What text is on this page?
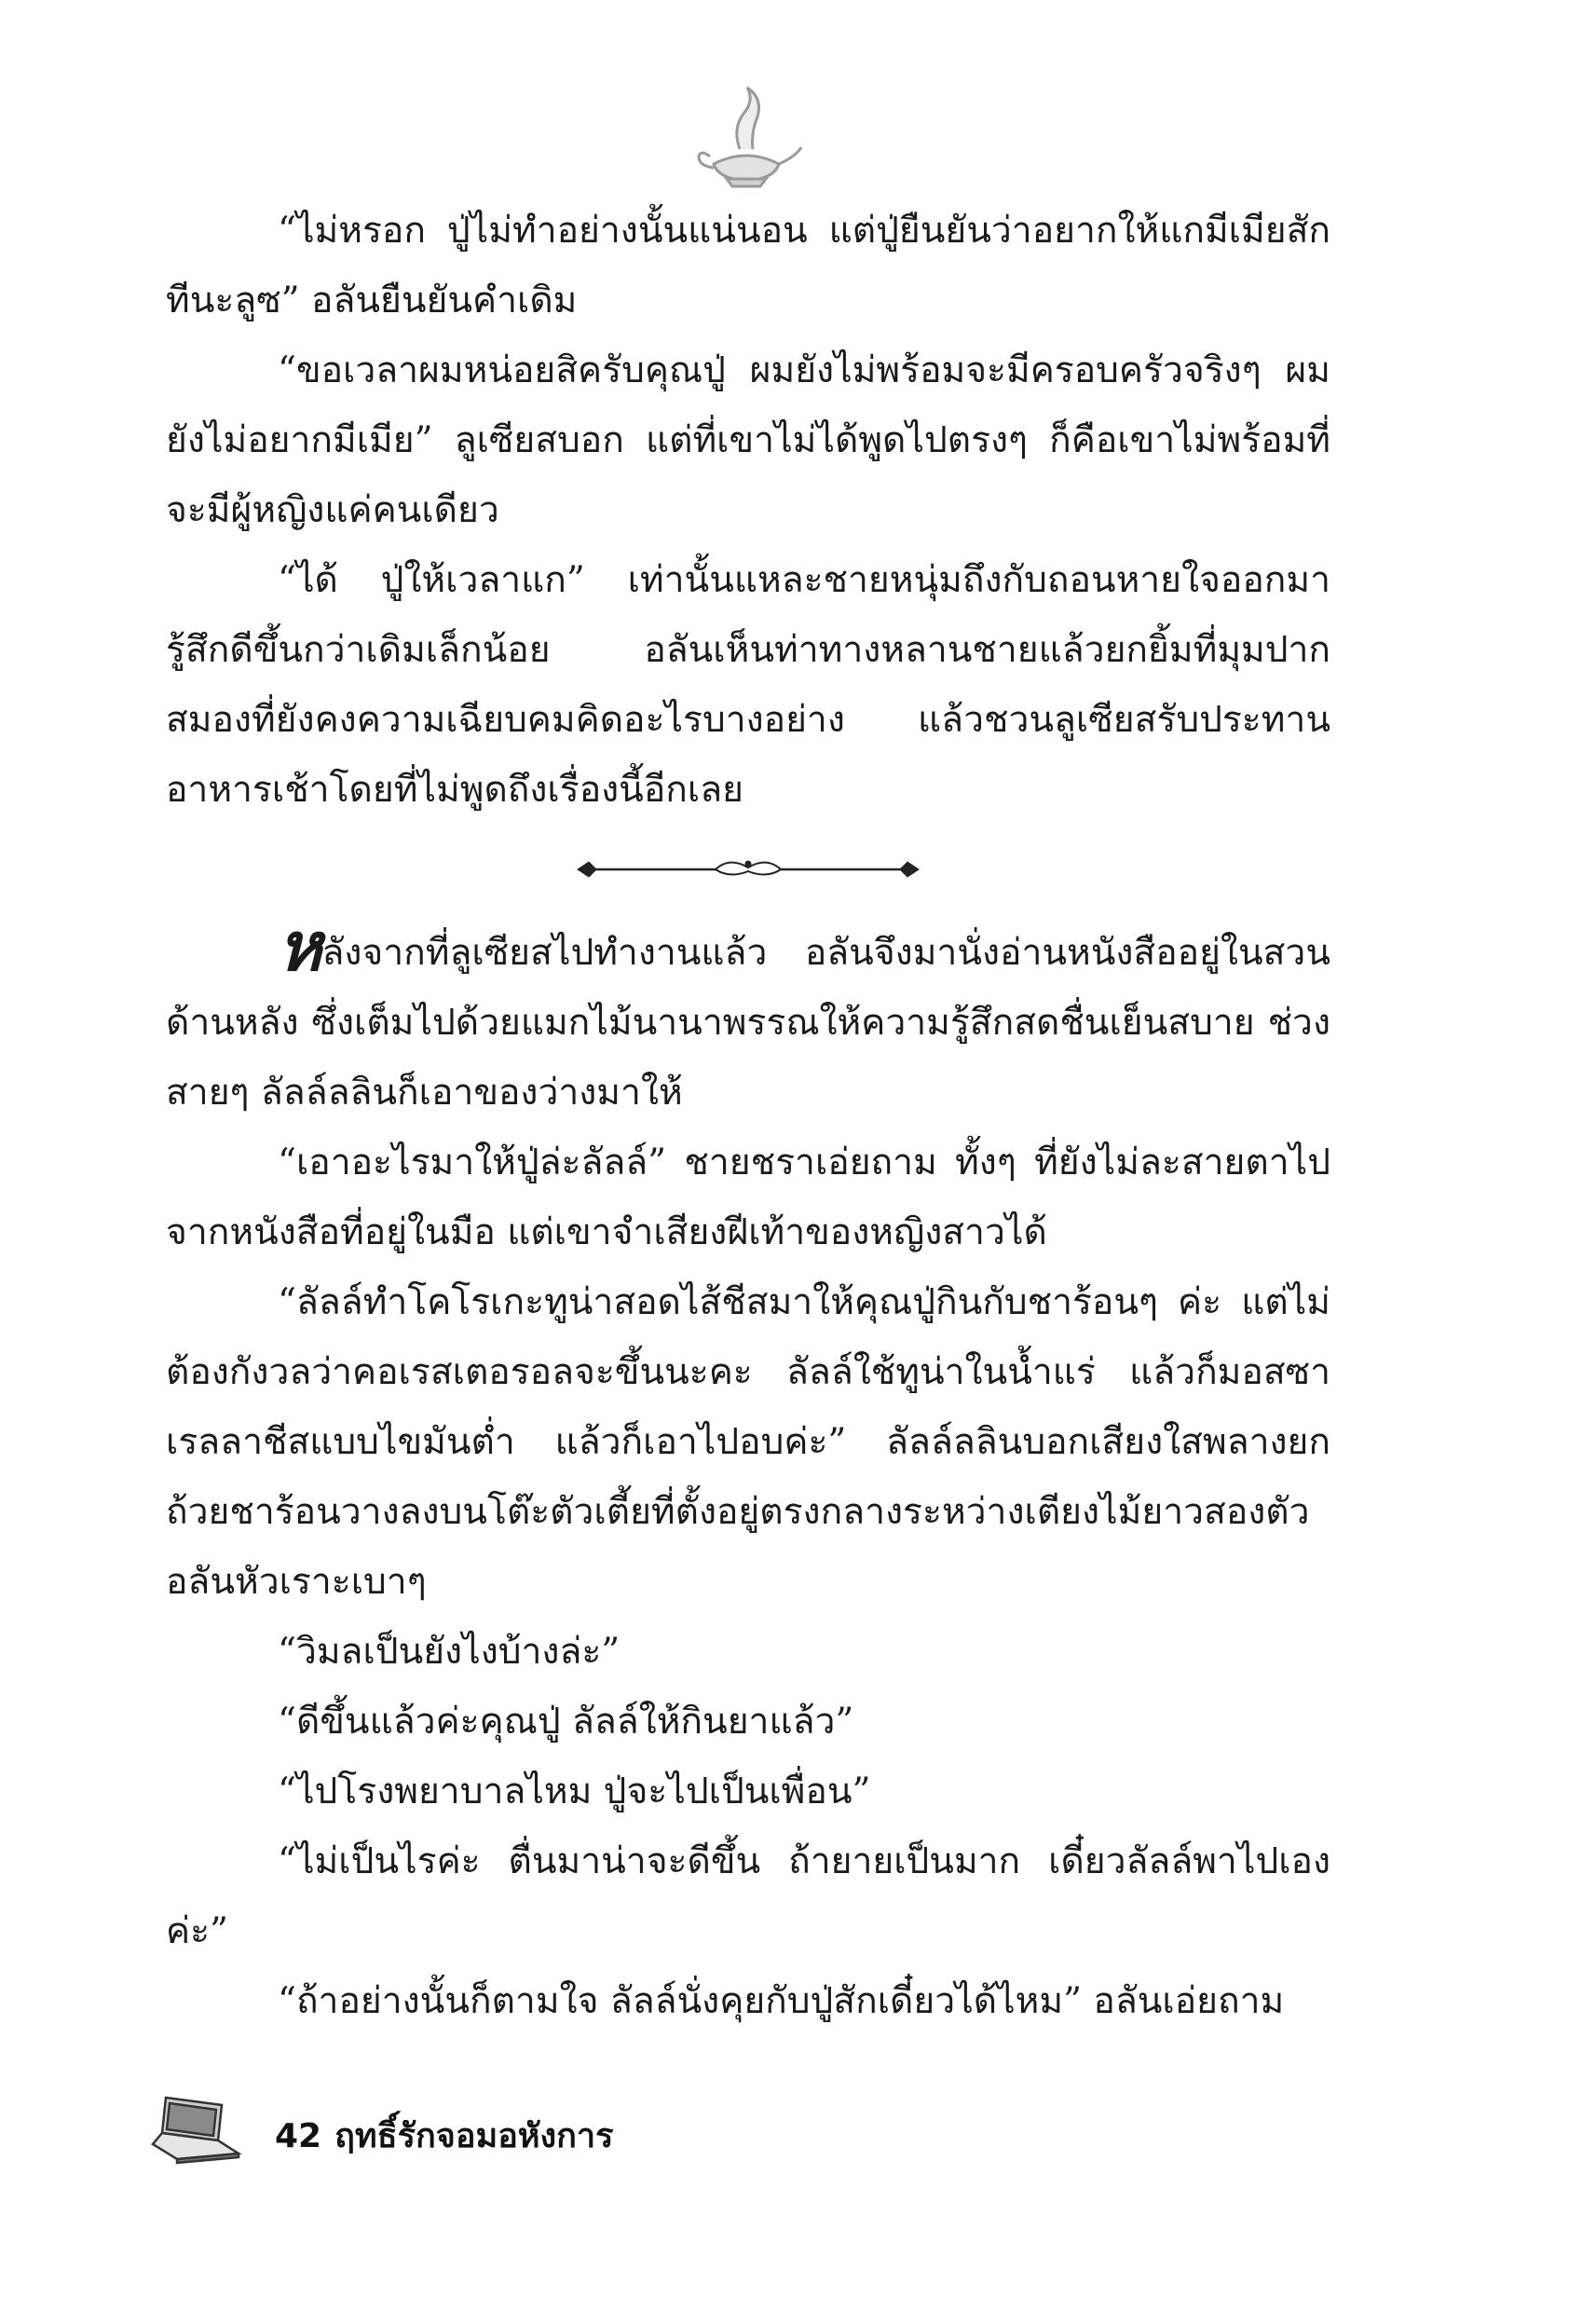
“ไม่หรอก ปู่ไม่ทำอย่างนั้นแน่นอน แต่ปู่ยืนยันว่าอยากให้แกมีเมียสักทีนะลูซ” อลันยืนยันคำเดิม

“ขอเวลาผมหน่อยสิครับคุณปู่ ผมยังไม่พร้อมจะมีครอบครัวจริงๆ ผมยังไม่อยากมีเมีย” ลูเซียสบอก แต่ที่เขาไม่ได้พูดไปตรงๆ ก็คือเขาไม่พร้อมที่จะมีผู้หญิงแค่คนเดียว

“ได้ ปู่ให้เวลาแก” เท่านั้นแหละชายหนุ่มถึงกับถอนหายใจออกมารู้สึกดีขึ้นกว่าเดิมเล็กน้อย อลันเห็นท่าทางหลานชายแล้วยกยิ้มที่มุมปากสมองที่ยังคงความเฉียบคมคิดอะไรบางอย่าง แล้วชวนลูเซียสรับประทานอาหารเช้าโดยที่ไม่พูดถึงเรื่องนี้อีกเลย

หลังจากที่ลูเซียสไปทำงานแล้ว อลันจึงมานั่งอ่านหนังสืออยู่ในสวนด้านหลัง ซึ่งเต็มไปด้วยแมกไม้นานาพรรณให้ความรู้สึกสดชื่นเย็นสบาย ช่วงสายๆ ลัลล์ลลินก็เอาของว่างมาให้

“เอาอะไรมาให้ปู่ล่ะลัลล์” ชายชราเอ่ยถาม ทั้งๆ ที่ยังไม่ละสายตาไปจากหนังสือที่อยู่ในมือ แต่เขาจำเสียงฝีเท้าของหญิงสาวได้

“ลัลล์ทำโคโรเกะทูน่าสอดไส้ชีสมาให้คุณปู่กินกับชาร้อนๆ ค่ะ แต่ไม่ต้องกังวลว่าคอเรสเตอรอลจะขึ้นนะคะ ลัลล์ใช้ทูน่าในน้ำแร่ แล้วก็มอสซาเรลลาชีสแบบไขมันต่ำ แล้วก็เอาไปอบค่ะ” ลัลล์ลลินบอกเสียงใสพลางยกถ้วยชาร้อนวางลงบนโต๊ะตัวเตี้ยที่ตั้งอยู่ตรงกลางระหว่างเตียงไม้ยาวสองตัว อลันหัวเราะเบาๆ

“วิมลเป็นยังไงบ้างล่ะ”

“ดีขึ้นแล้วค่ะคุณปู่ ลัลล์ให้กินยาแล้ว”

“ไปโรงพยาบาลไหม ปู่จะไปเป็นเพื่อน”

“ไม่เป็นไรค่ะ ตื่นมาน่าจะดีขึ้น ถ้ายายเป็นมาก เดี๋ยวลัลล์พาไปเองค่ะ”

“ถ้าอย่างนั้นก็ตามใจ ลัลล์นั่งคุยกับปู่สักเดี๋ยวได้ไหม” อลันเอ่ยถาม

42 ฤทธิ์รักจอมอหังการ
